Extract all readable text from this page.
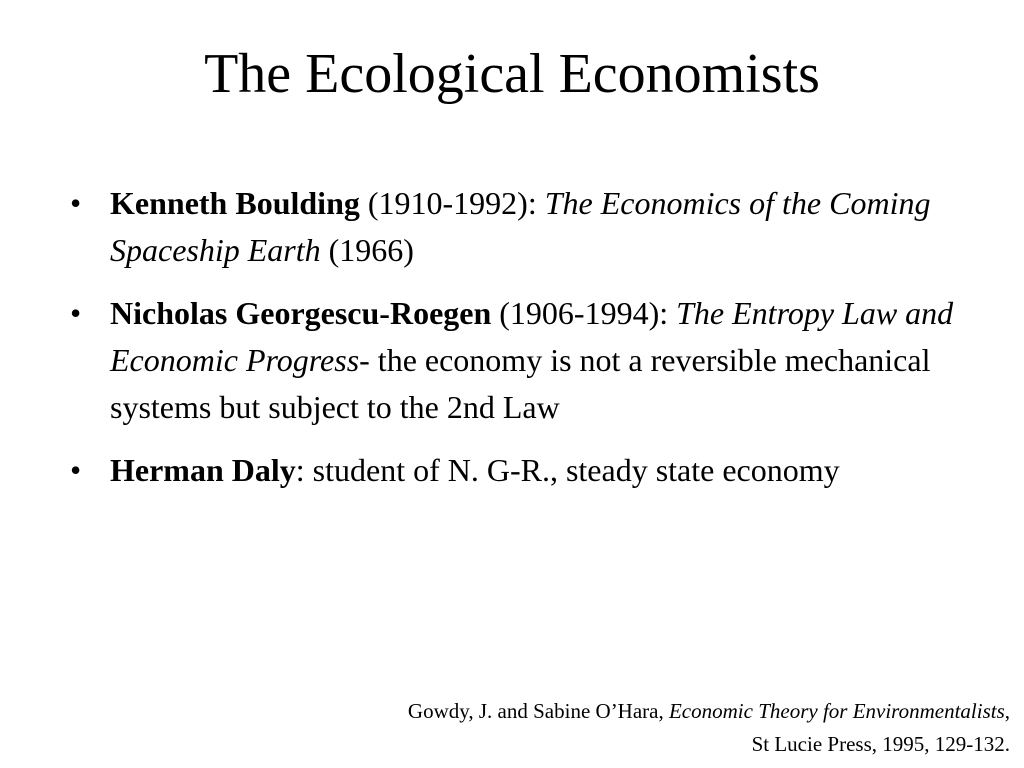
The Ecological Economists
• Kenneth Boulding (1910-1992): The Economics of the Coming Spaceship Earth (1966)
• Nicholas Georgescu-Roegen (1906-1994): The Entropy Law and Economic Progress- the economy is not a reversible mechanical systems but subject to the 2nd Law
• Herman Daly: student of N. G-R., steady state economy
Gowdy, J. and Sabine O’Hara, Economic Theory for Environmentalists,
St Lucie Press, 1995, 129-132.
